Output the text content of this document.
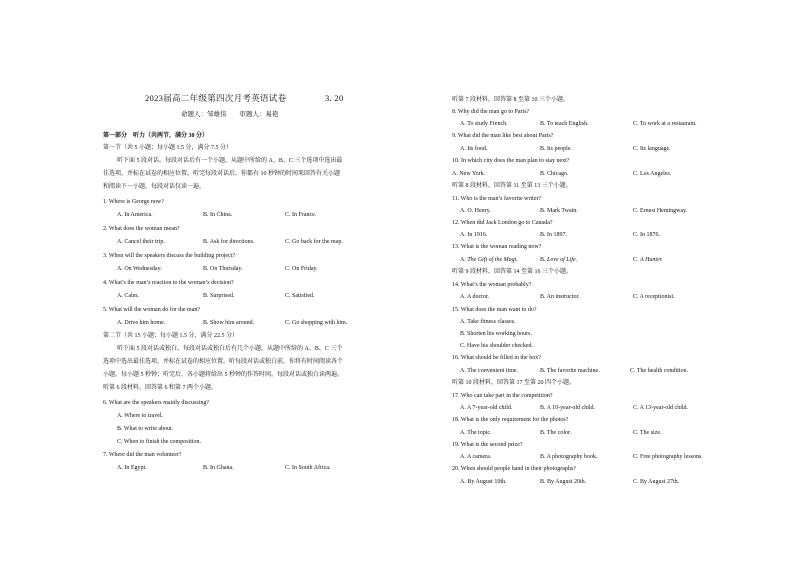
2023届高二年级第四次月考英语试卷	3. 20
命题人：邹雄伟　　审题人：易艳
第一部分　听力（共两节，满分 30 分）
第一节（共 5 小题；每小题 1.5 分，满分 7.5 分）
听下面 5 段对话。每段对话后有一个小题，从题中所给的 A、B、C 三个选项中选出最
佳选项，并标在试卷的相应位置。听完每段对话后，你都有 10 秒钟的时间来回答有关小题
和阅读下一小题。每段对话仅读一遍。
1. Where is George now?
A. In America.	B. In China.	C. In France.
2. What does the woman mean?
A. Cancel their trip.	B. Ask for directions.	C. Go back for the map.
3. When will the speakers discuss the building project?
A. On Wednesday.	B. On Thursday.	C. On Friday.
4. What’s the man’s reaction to the woman’s decision?
A. Calm.	B. Surprised.	C. Satisfied.
5. What will the woman do for the man?
A. Drive him home.	B. Show him around.	C. Go shopping with him.
第二节（共 15 小题；每小题 1.5 分，满分 22.5 分）
听下面 5 段对话或独白。每段对话或独白后有几个小题，从题中所给的 A、B、C 三个
选项中选出最佳选项，并标在试卷的相应位置。听每段对话或独白前，你将有时间阅读各个
小题，每小题 5 秒钟；听完后，各小题将给出 5 秒钟的作答时间。每段对话或独白读两遍。
听第 6 段材料，回答第 6 和第 7 两个小题。
6. What are the speakers mainly discussing?
A. Where to travel.
B. What to write about.
C. When to finish the composition.
7. Where did the man volunteer?
A. In Egypt.	B. In Ghana.	C. In South Africa.
听第 7 段材料，回答第 8 至第 10 三个小题。
8. Why did the man go to Paris?
A. To study French.	B. To teach English.	C. To work at a restaurant.
9. What did the man like best about Paris?
A. Its food.	B. Its people.	C. Its language.
10. In which city does the man plan to stay next?
A. New York.	B. Chicago.	C. Los Angeles.
听第 8 段材料，回答第 11 至第 13 三个小题。
11. Who is the man’s favorite writer?
A. O. Henry.	B. Mark Twain.	C. Ernest Hemingway.
12. When did Jack London go to Canada?
A. In 1916.	B. In 1897.	C. In 1876.
13. What is the woman reading now?
A. The Gift of the Magi.	B. Love of Life.	C. A Hunter.
听第 9 段材料，回答第 14 至第 16 三个小题。
14. What’s the woman probably?
A. A doctor.	B. An instructor.	C. A receptionist.
15. What does the man want to do?
A. Take fitness classes.
B. Shorten his working hours.
C. Have his shoulder checked.
16. What should be filled in the box?
A. The convenient time.	B. The favorite machine.	C. The health condition.
听第 10 段材料，回答第 17 至第 20 四个小题。
17. Who can take part in the competition?
A. A 7-year-old child.	B. A 10-year-old child.	C. A 13-year-old child.
18. What is the only requirement for the photos?
A. The topic.	B. The color.	C. The size.
19. What is the second prize?
A. A camera.	B. A photography book.	C. Free photography lessons.
20. When should people hand in their photographs?
A. By August 10th.	B. By August 20th.	C. By August 27th.
